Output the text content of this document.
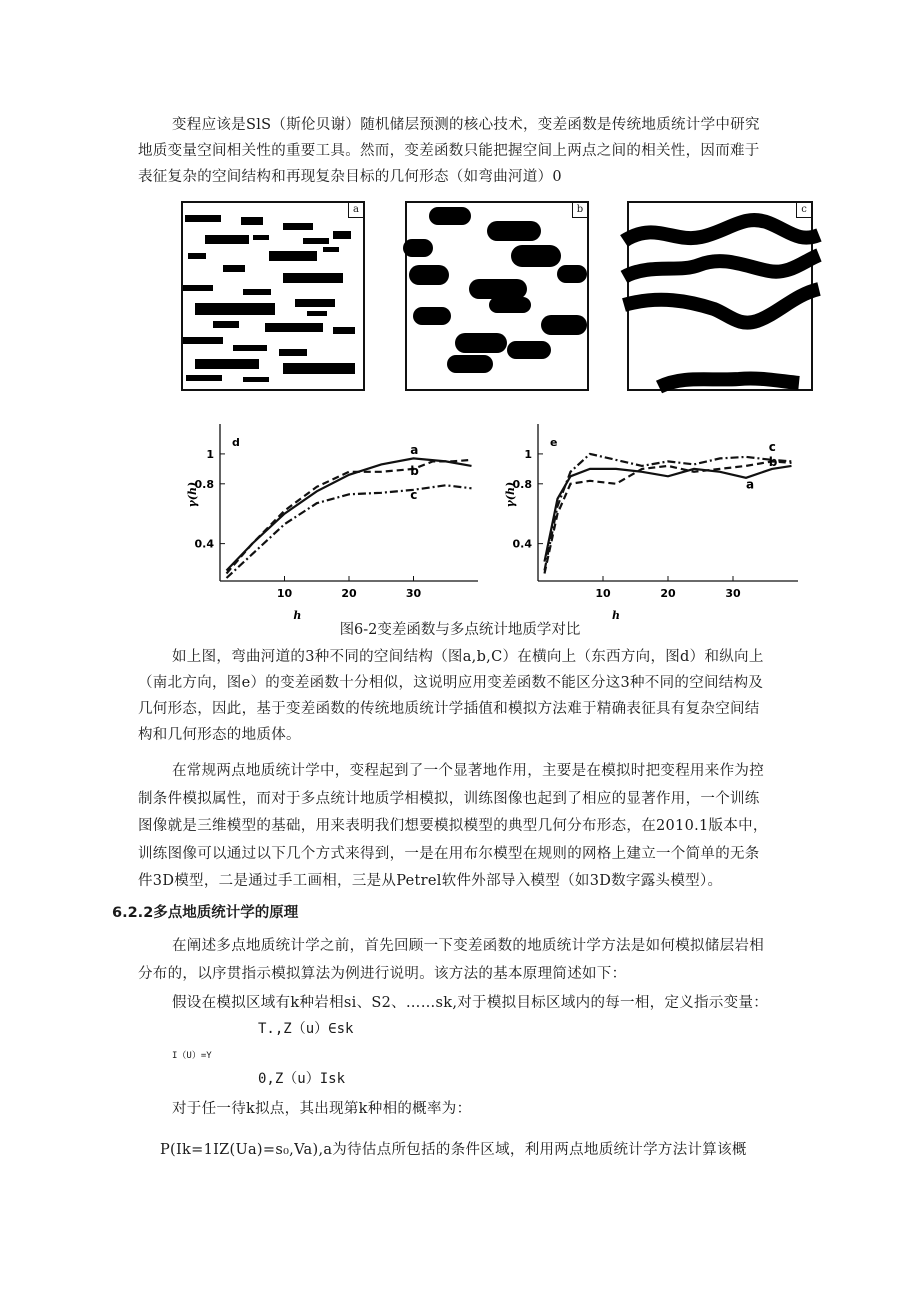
变程应该是SlS（斯伦贝谢）随机储层预测的核心技术，变差函数是传统地质统计学中研究
地质变量空间相关性的重要工具。然而，变差函数只能把握空间上两点之间的相关性，因而难于
表征复杂的空间结构和再现复杂目标的几何形态（如弯曲河道）0
a	b	c
10	20	30
0.4
0.8
1
h
γ(h)
d
a
b
c
10	20	30
0.4
0.8
1
h
γ(h)
e
a
b
c
图6-2变差函数与多点统计地质学对比
如上图，弯曲河道的3种不同的空间结构（图a,b,C）在横向上（东西方向，图d）和纵向上
（南北方向，图e）的变差函数十分相似，这说明应用变差函数不能区分这3种不同的空间结构及
几何形态，因此，基于变差函数的传统地质统计学插值和模拟方法难于精确表征具有复杂空间结
构和几何形态的地质体。
在常规两点地质统计学中，变程起到了一个显著地作用，主要是在模拟时把变程用来作为控
制条件模拟属性，而对于多点统计地质学相模拟，训练图像也起到了相应的显著作用，一个训练
图像就是三维模型的基础，用来表明我们想要模拟模型的典型几何分布形态，在2010.1版本中，
训练图像可以通过以下几个方式来得到，一是在用布尔模型在规则的网格上建立一个简单的无条
件3D模型，二是通过手工画相，三是从Petrel软件外部导入模型（如3D数字露头模型）。
6.2.2多点地质统计学的原理
在阐述多点地质统计学之前，首先回顾一下变差函数的地质统计学方法是如何模拟储层岩相
分布的，以序贯指示模拟算法为例进行说明。该方法的基本原理简述如下：
假设在模拟区域有k种岩相si、S2、……sk,对于模拟目标区域内的每一相，定义指示变量：
T.,Z（u）∈sk
I（U）=Y
0,Z（u）Isk
对于任一待k拟点，其出现第k种相的概率为：
P(Ik=1IZ(Ua)=s₀,Va),a为待估点所包括的条件区域，利用两点地质统计学方法计算该概
